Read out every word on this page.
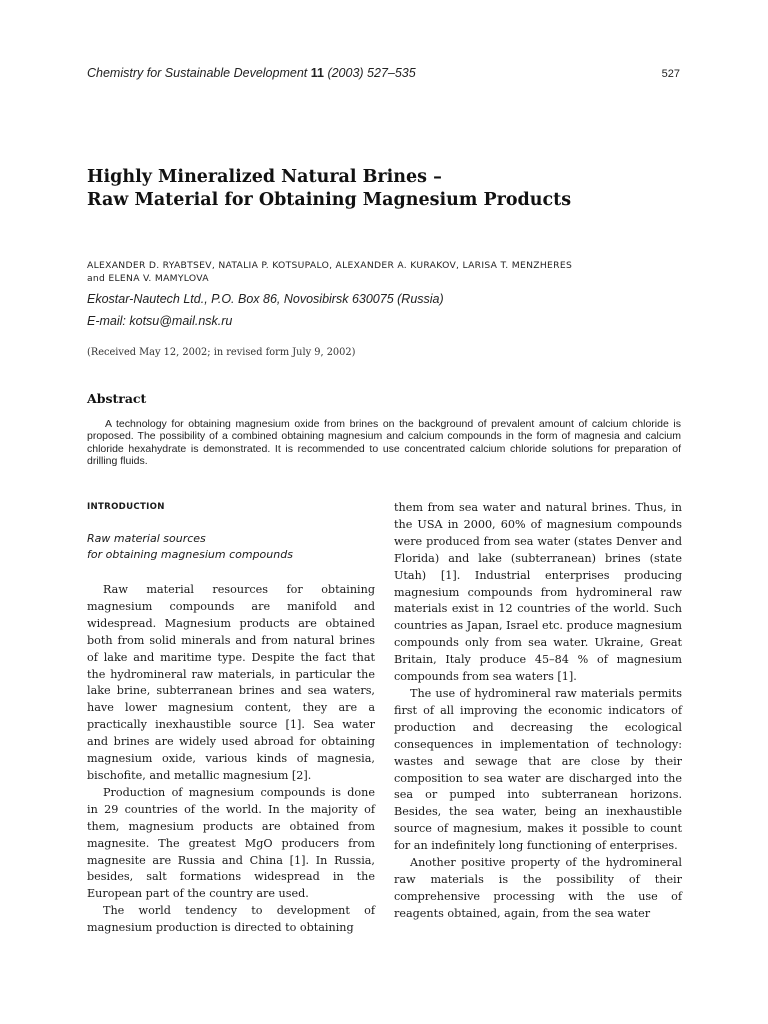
Chemistry for Sustainable Development 11 (2003) 527–535	527
Highly Mineralized Natural Brines –
Raw Material for Obtaining Magnesium Products
ALEXANDER D. RYABTSEV, NATALIA P. KOTSUPALO, ALEXANDER A. KURAKOV, LARISA T. MENZHERES
and ELENA V. MAMYLOVA
Ekostar-Nautech Ltd., P.O. Box 86, Novosibirsk 630075 (Russia)
E-mail: kotsu@mail.nsk.ru
(Received May 12, 2002; in revised form July 9, 2002)
Abstract
A technology for obtaining magnesium oxide from brines on the background of prevalent amount of calcium chloride is proposed. The possibility of a combined obtaining magnesium and calcium compounds in the form of magnesia and calcium chloride hexahydrate is demonstrated. It is recommended to use concentrated calcium chloride solutions for preparation of drilling fluids.
INTRODUCTION
Raw material sources
for obtaining magnesium compounds

Raw material resources for obtaining magnesium compounds are manifold and widespread. Magnesium products are obtained both from solid minerals and from natural brines of lake and maritime type. Despite the fact that the hydromineral raw materials, in particular the lake brine, subterranean brines and sea waters, have lower magnesium content, they are a practically inexhaustible source [1]. Sea water and brines are widely used abroad for obtaining magnesium oxide, various kinds of magnesia, bischofite, and metallic magnesium [2].

Production of magnesium compounds is done in 29 countries of the world. In the majority of them, magnesium products are obtained from magnesite. The greatest MgO producers from magnesite are Russia and China [1]. In Russia, besides, salt formations widespread in the European part of the country are used.

The world tendency to development of magnesium production is directed to obtaining

them from sea water and natural brines. Thus, in the USA in 2000, 60% of magnesium compounds were produced from sea water (states Denver and Florida) and lake (subterranean) brines (state Utah) [1]. Industrial enterprises producing magnesium compounds from hydromineral raw materials exist in 12 countries of the world. Such countries as Japan, Israel etc. produce magnesium compounds only from sea water. Ukraine, Great Britain, Italy produce 45–84 % of magnesium compounds from sea waters [1].

The use of hydromineral raw materials permits first of all improving the economic indicators of production and decreasing the ecological consequences in implementation of technology: wastes and sewage that are close by their composition to sea water are discharged into the sea or pumped into subterranean horizons. Besides, the sea water, being an inexhaustible source of magnesium, makes it possible to count for an indefinitely long functioning of enterprises.

Another positive property of the hydromineral raw materials is the possibility of their comprehensive processing with the use of reagents obtained, again, from the sea water
